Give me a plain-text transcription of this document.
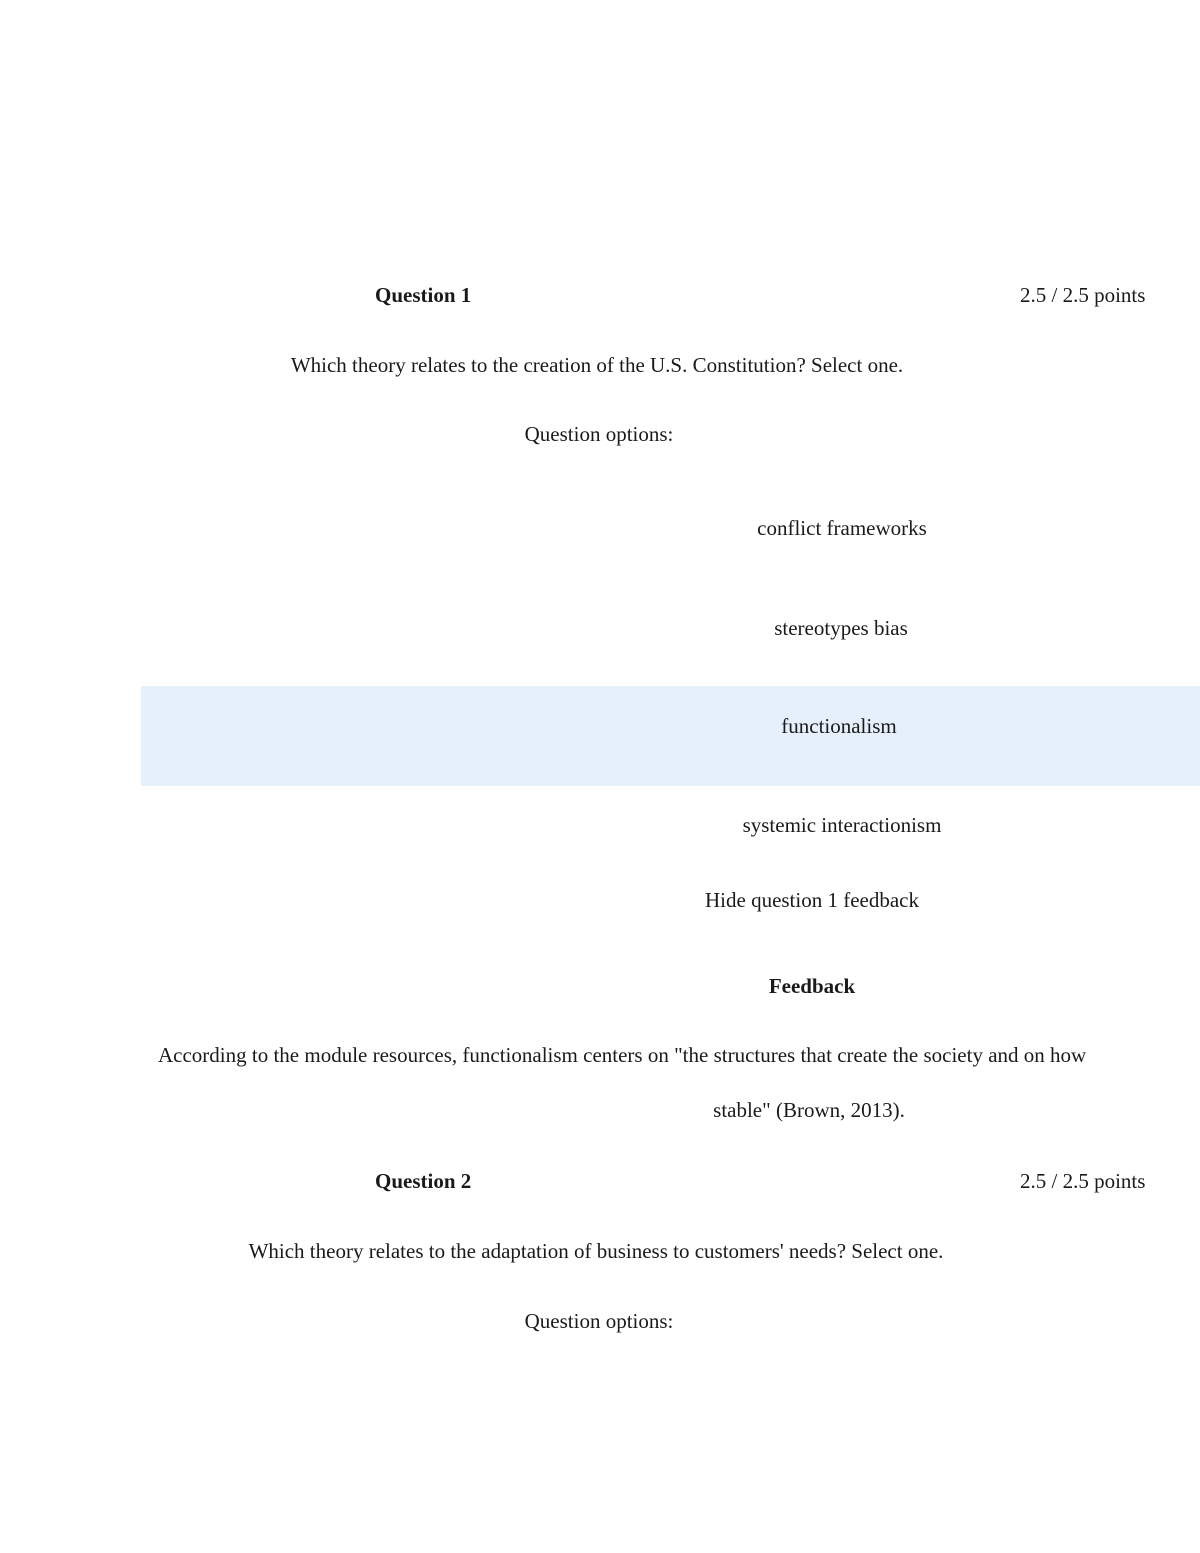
Question 1	2.5 / 2.5 points
Which theory relates to the creation of the U.S. Constitution? Select one.
Question options:
conflict frameworks
stereotypes bias
functionalism
systemic interactionism
Hide question 1 feedback
Feedback
According to the module resources, functionalism centers on "the structures that create the society and on how
stable" (Brown, 2013).
Question 2	2.5 / 2.5 points
Which theory relates to the adaptation of business to customers' needs? Select one.
Question options:
